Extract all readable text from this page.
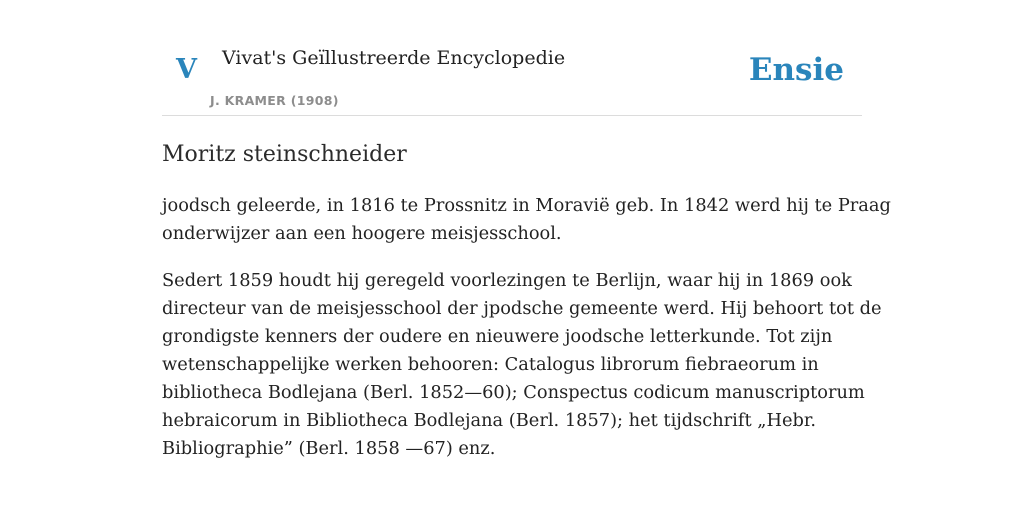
V Vivat's Geïllustreerde Encyclopedie
J. KRAMER (1908)
Ensie
Moritz steinschneider

joodsch geleerde, in 1816 te Prossnitz in Moravië geb. In 1842 werd hij te Praag
onderwijzer aan een hoogere meisjesschool.

Sedert 1859 houdt hij geregeld voorlezingen te Berlijn, waar hij in 1869 ook
directeur van de meisjesschool der jpodsche gemeente werd. Hij behoort tot de
grondigste kenners der oudere en nieuwere joodsche letterkunde. Tot zijn
wetenschappelijke werken behooren: Catalogus librorum fiebraeorum in
bibliotheca Bodlejana (Berl. 1852—60); Conspectus codicum manuscriptorum
hebraicorum in Bibliotheca Bodlejana (Berl. 1857); het tijdschrift „Hebr.
Bibliographie” (Berl. 1858 —67) enz.
